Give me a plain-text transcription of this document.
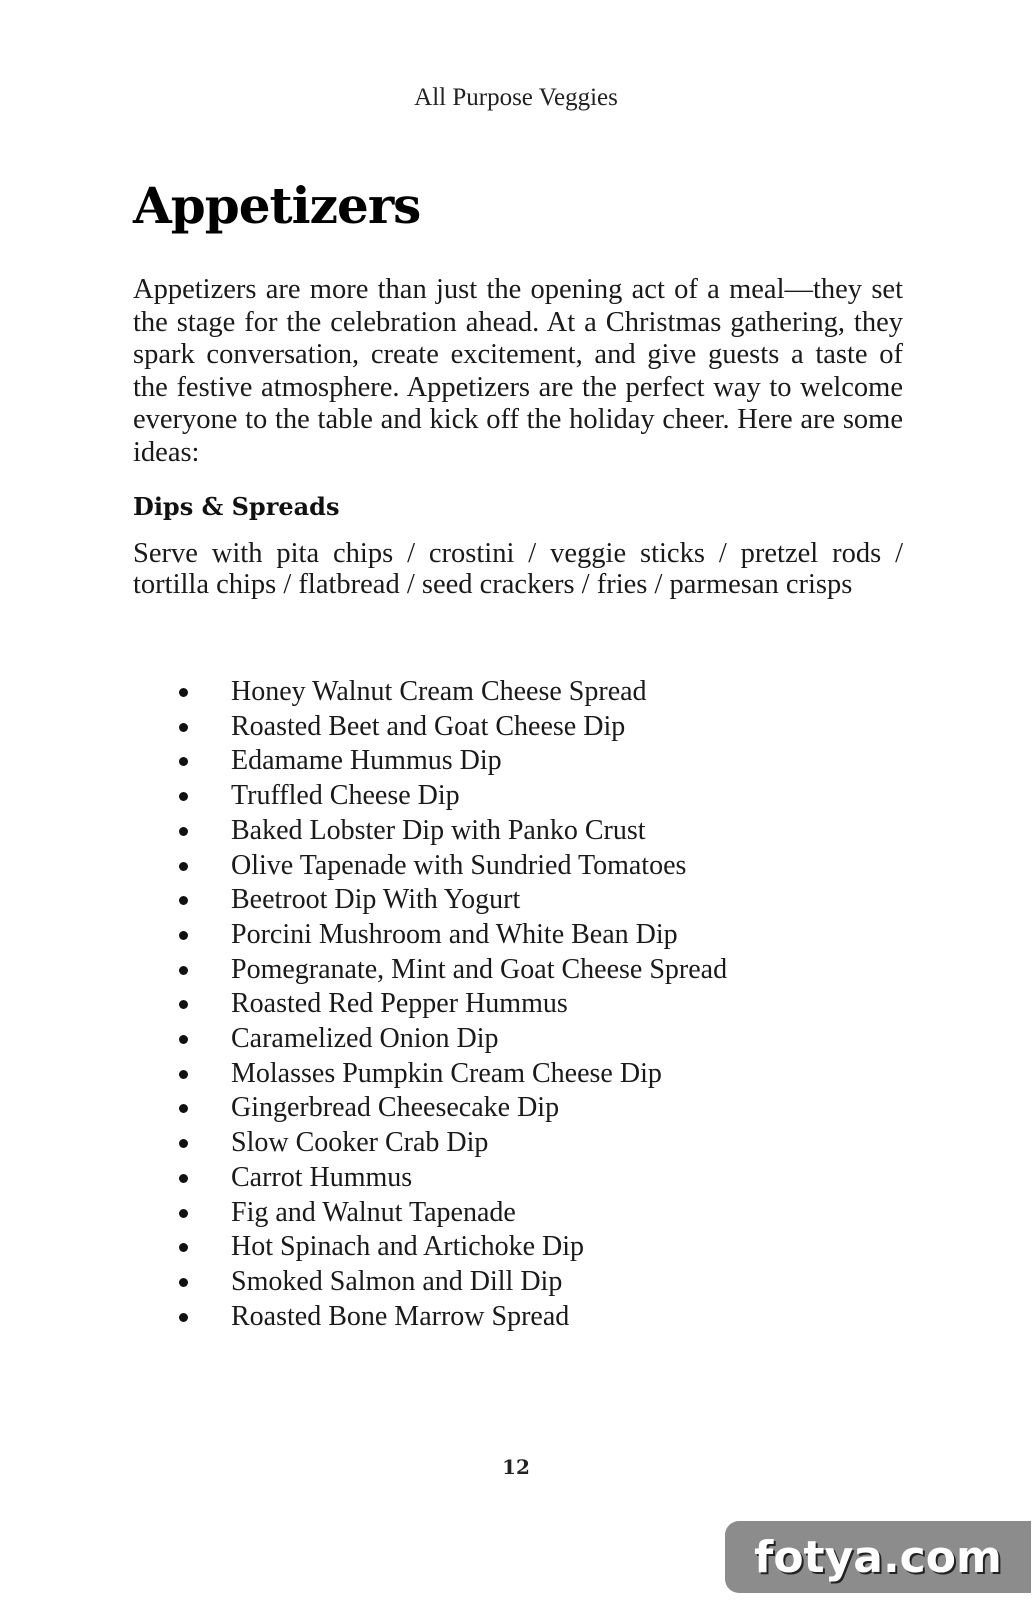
All Purpose Veggies
Appetizers

Appetizers are more than just the opening act of a meal—they set the stage for the celebration ahead. At a Christmas gathering, they spark conversation, create excitement, and give guests a taste of the festive atmosphere. Appetizers are the perfect way to welcome everyone to the table and kick off the holiday cheer. Here are some ideas:

Dips & Spreads

Serve with pita chips / crostini / veggie sticks / pretzel rods / tortilla chips / flatbread / seed crackers / fries / parmesan crisps

Honey Walnut Cream Cheese Spread
Roasted Beet and Goat Cheese Dip
Edamame Hummus Dip
Truffled Cheese Dip
Baked Lobster Dip with Panko Crust
Olive Tapenade with Sundried Tomatoes
Beetroot Dip With Yogurt
Porcini Mushroom and White Bean Dip
Pomegranate, Mint and Goat Cheese Spread
Roasted Red Pepper Hummus
Caramelized Onion Dip
Molasses Pumpkin Cream Cheese Dip
Gingerbread Cheesecake Dip
Slow Cooker Crab Dip
Carrot Hummus
Fig and Walnut Tapenade
Hot Spinach and Artichoke Dip
Smoked Salmon and Dill Dip
Roasted Bone Marrow Spread
12
fotya.com
